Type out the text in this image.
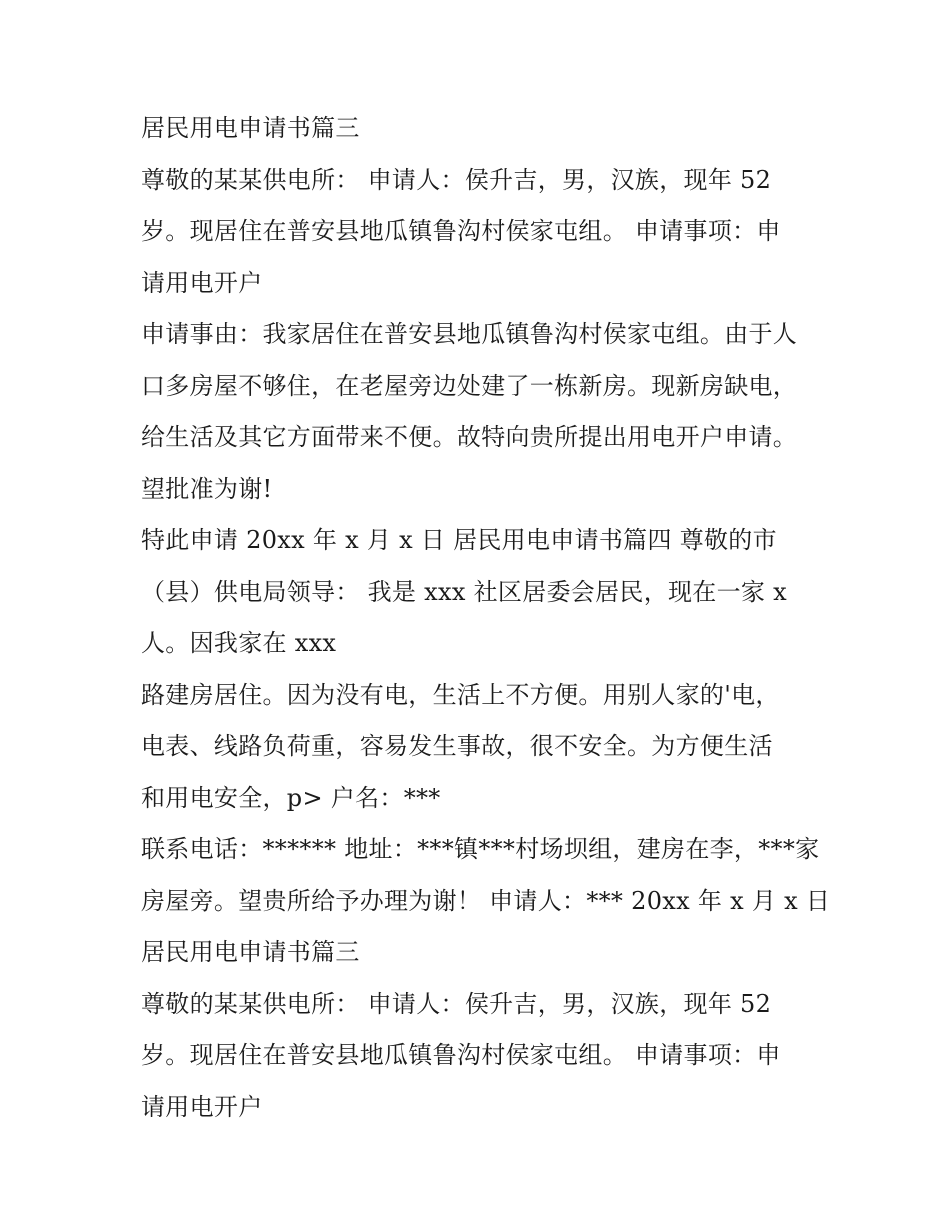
居民用电申请书篇三
尊敬的某某供电所： 申请人：侯升吉，男，汉族，现年 52
岁。现居住在普安县地瓜镇鲁沟村侯家屯组。 申请事项：申
请用电开户
申请事由：我家居住在普安县地瓜镇鲁沟村侯家屯组。由于人
口多房屋不够住，在老屋旁边处建了一栋新房。现新房缺电，
给生活及其它方面带来不便。故特向贵所提出用电开户申请。
望批准为谢!
特此申请 20xx 年 x 月 x 日 居民用电申请书篇四 尊敬的市
（县）供电局领导： 我是 xxx 社区居委会居民，现在一家 x
人。因我家在 xxx
路建房居住。因为没有电，生活上不方便。用别人家的'电，
电表、线路负荷重，容易发生事故，很不安全。为方便生活
和用电安全，p> 户名：***
联系电话：****** 地址：***镇***村场坝组，建房在李，***家
房屋旁。望贵所给予办理为谢！ 申请人：*** 20xx 年 x 月 x 日
居民用电申请书篇三
尊敬的某某供电所： 申请人：侯升吉，男，汉族，现年 52
岁。现居住在普安县地瓜镇鲁沟村侯家屯组。 申请事项：申
请用电开户
